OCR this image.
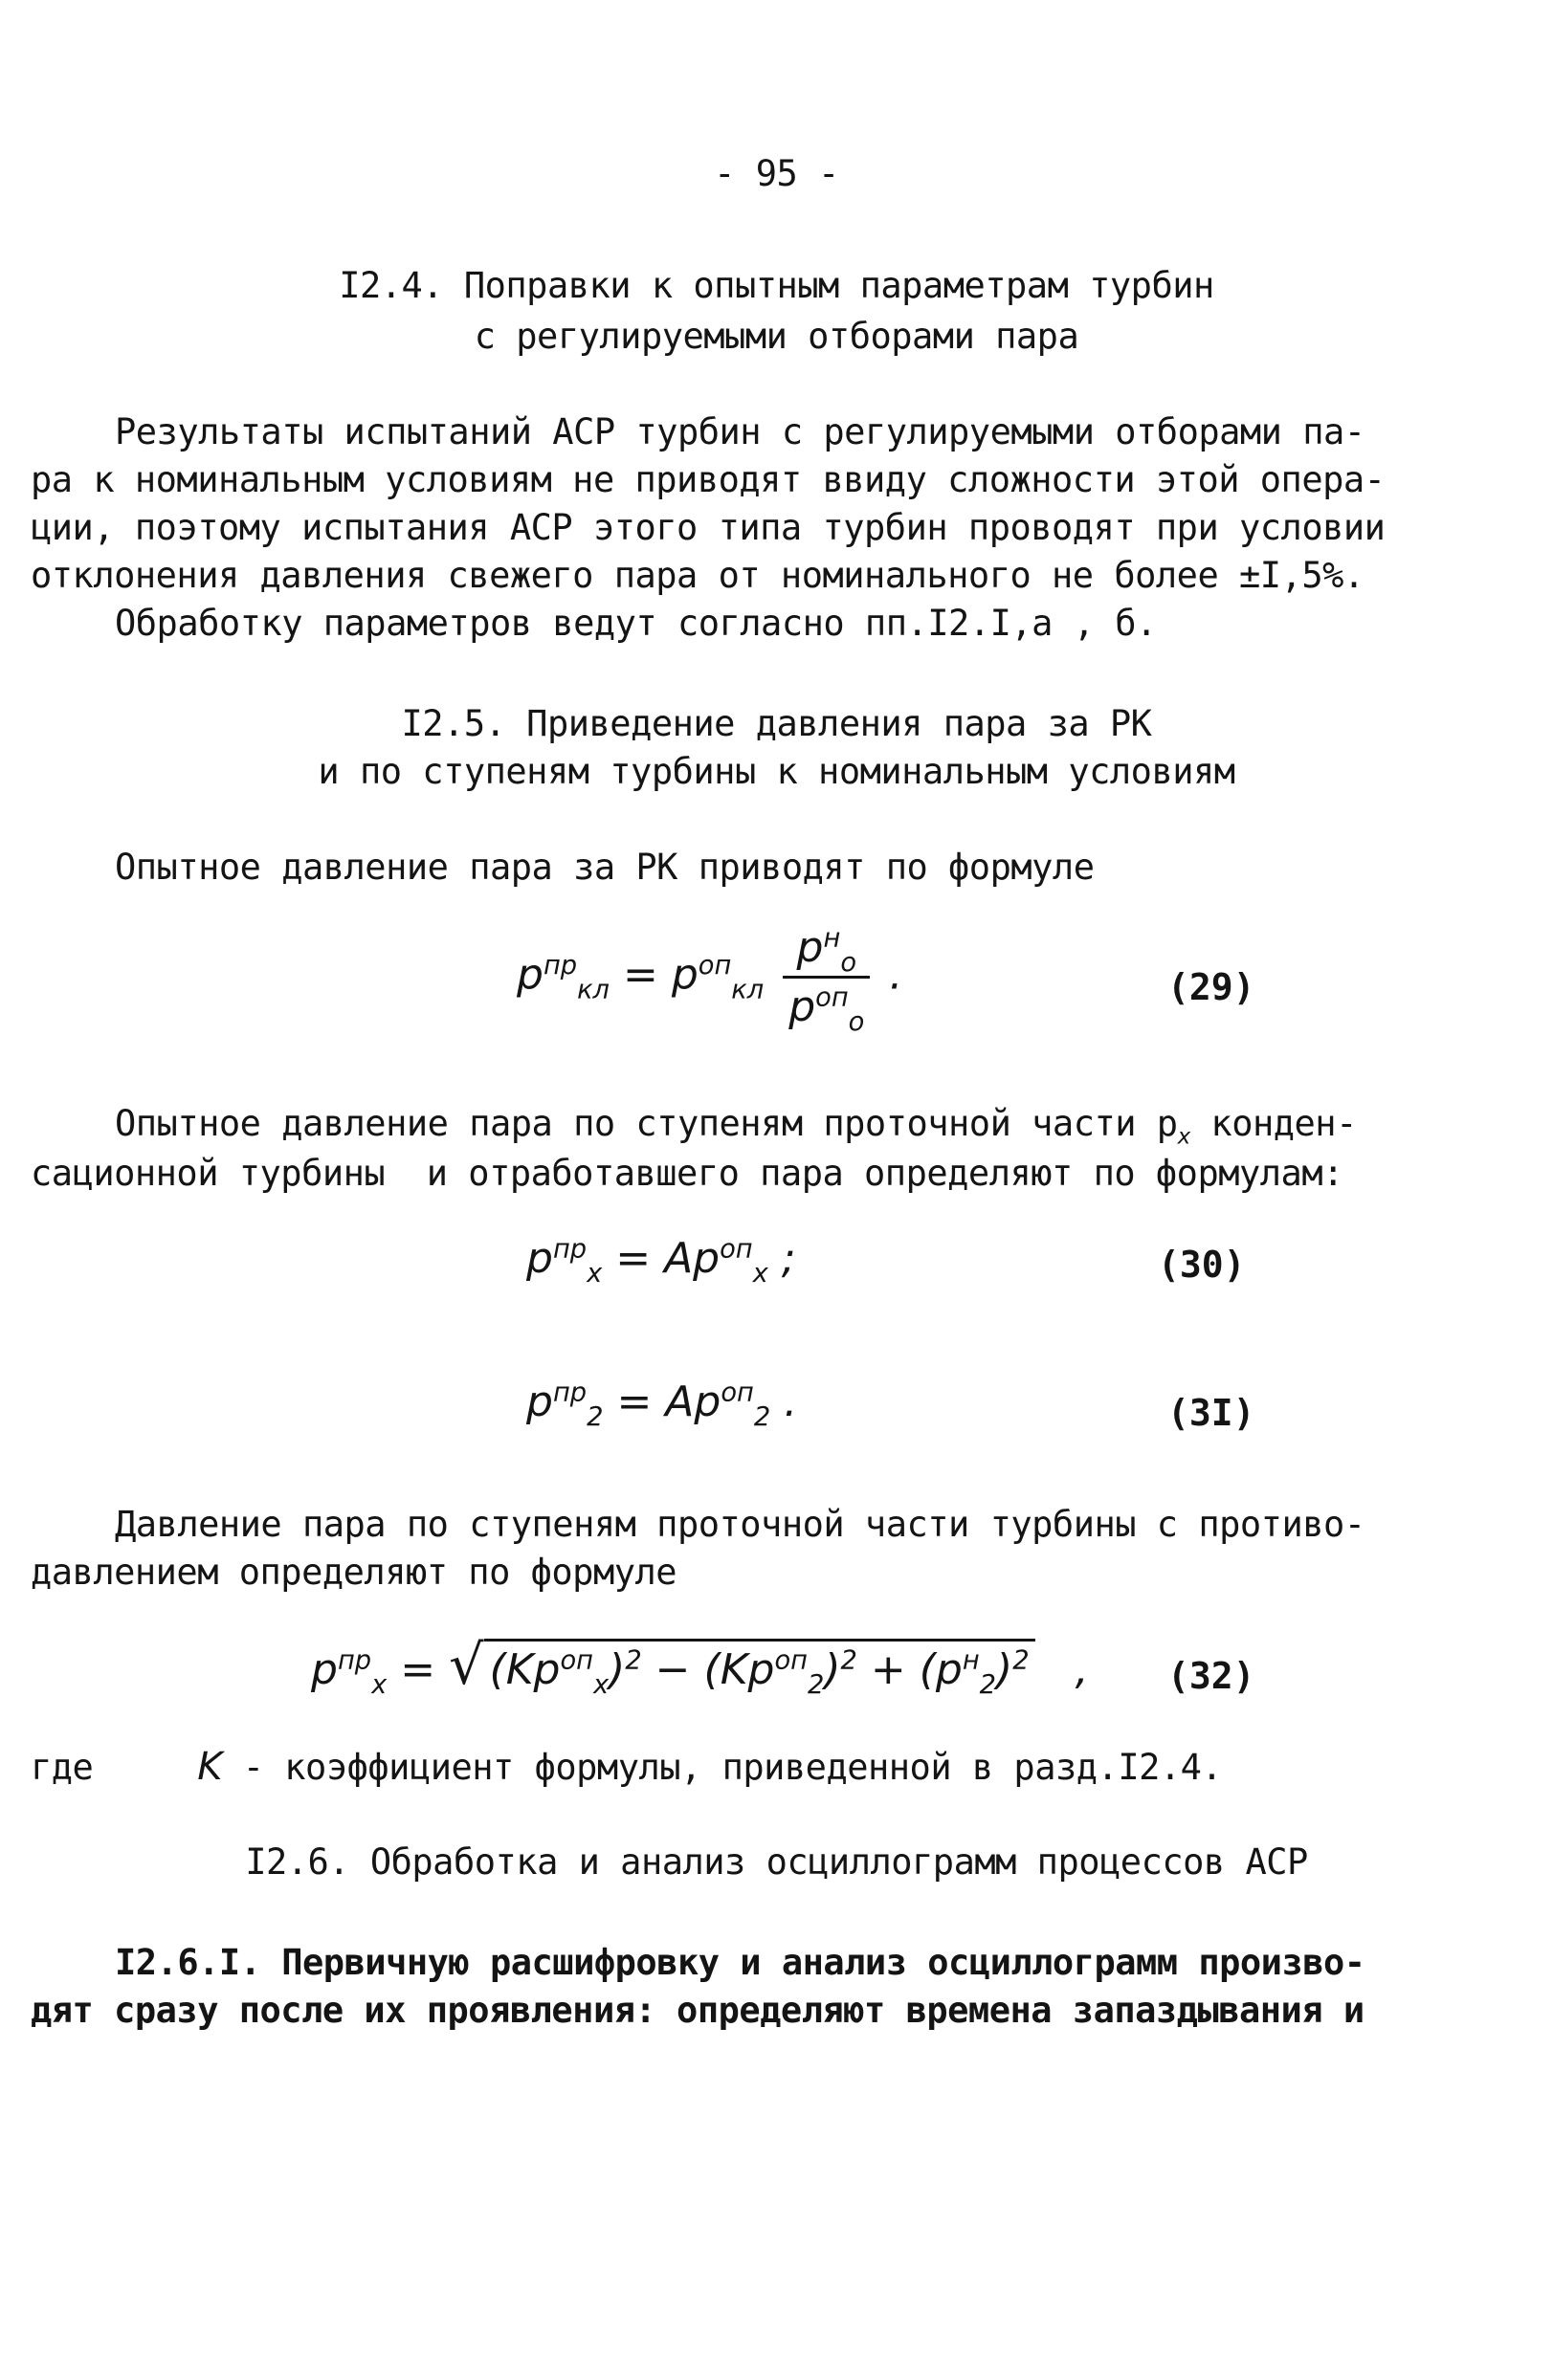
- 95 -
I2.4. Поправки к опытным параметрам турбин
с регулируемыми отборами пара
Результаты испытаний АСР турбин с регулируемыми отборами па-
ра к номинальным условиям не приводят ввиду сложности этой опера-
ции, поэтому испытания АСР этого типа турбин проводят при условии
отклонения давления свежего пара от номинального не более ±I,5%.
Обработку параметров ведут согласно пп.I2.I,а , б.
I2.5. Приведение давления пара за РК
и по ступеням турбины к номинальным условиям
Опытное давление пара за РК приводят по формуле
$p^{пр}_{кл} = p^{оп}_{кл} \frac{p^н_о}{p^{оп}_о}$ .	(29)
Опытное давление пара по ступеням проточной части $p_x$ конден-
сационной турбины  и отработавшего пара определяют по формулам:
$p^{пр}_x = Ap^{оп}_x$ ;	(30)
$p^{пр}_2 = Ap^{оп}_2$ .	(3I)
Давление пара по ступеням проточной части турбины с противо-
давлением определяют по формуле
$p^{пр}_x$ = √ $(Kp^{оп}_x)^2 - (Kp^{оп}_2)^2 + (p^н_2)^2$ , (32)
где	K - коэффициент формулы, приведенной в разд.I2.4.
I2.6. Обработка и анализ осциллограмм процессов АСР
I2.6.I. Первичную расшифровку и анализ осциллограмм произво-
дят сразу после их проявления: определяют времена запаздывания и
